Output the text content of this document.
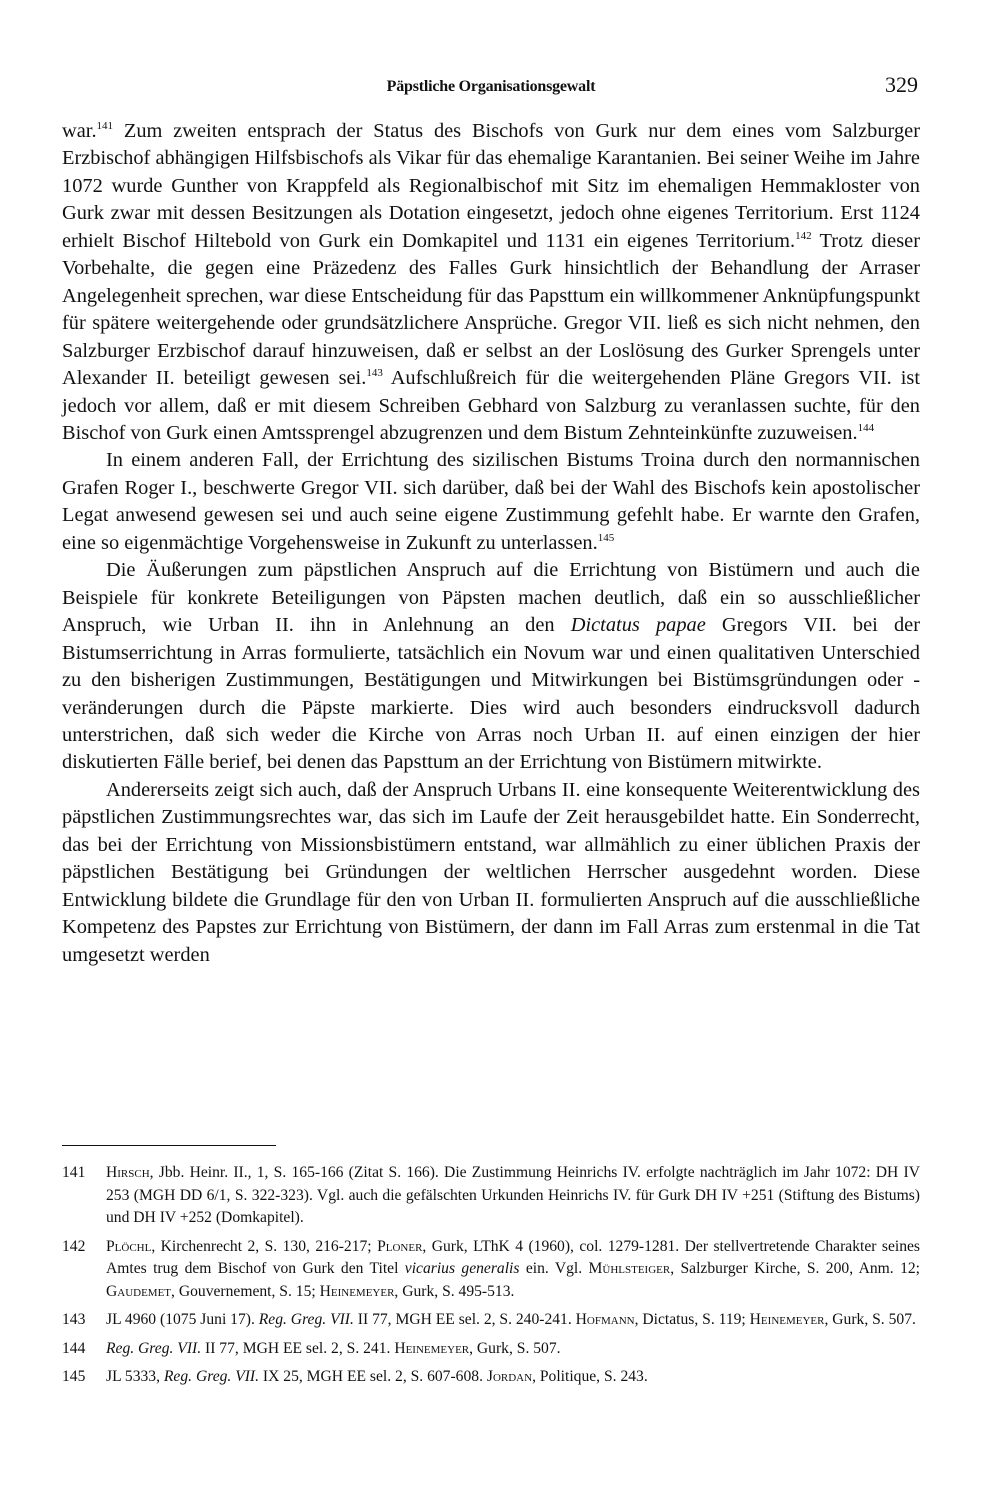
Päpstliche Organisationsgewalt	329

war.$^{141}$ Zum zweiten entsprach der Status des Bischofs von Gurk nur dem eines vom Salzburger Erzbischof abhängigen Hilfsbischofs als Vikar für das ehemalige Karantanien. Bei seiner Weihe im Jahre 1072 wurde Gunther von Krappfeld als Regionalbischof mit Sitz im ehemaligen Hemmakloster von Gurk zwar mit dessen Besitzungen als Dotation eingesetzt, jedoch ohne eigenes Territorium. Erst 1124 erhielt Bischof Hiltebold von Gurk ein Domkapitel und 1131 ein eigenes Territorium.$^{142}$ Trotz dieser Vorbehalte, die gegen eine Präzedenz des Falles Gurk hinsichtlich der Behandlung der Arraser Angelegenheit sprechen, war diese Entscheidung für das Papsttum ein willkommener Anknüpfungspunkt für spätere weitergehende oder grundsätzlichere Ansprüche. Gregor VII. ließ es sich nicht nehmen, den Salzburger Erzbischof darauf hinzuweisen, daß er selbst an der Loslösung des Gurker Sprengels unter Alexander II. beteiligt gewesen sei.$^{143}$ Aufschlußreich für die weitergehenden Pläne Gregors VII. ist jedoch vor allem, daß er mit diesem Schreiben Gebhard von Salzburg zu veranlassen suchte, für den Bischof von Gurk einen Amtssprengel abzugrenzen und dem Bistum Zehnteinkünfte zuzuweisen.$^{144}$

In einem anderen Fall, der Errichtung des sizilischen Bistums Troina durch den normannischen Grafen Roger I., beschwerte Gregor VII. sich darüber, daß bei der Wahl des Bischofs kein apostolischer Legat anwesend gewesen sei und auch seine eigene Zustimmung gefehlt habe. Er warnte den Grafen, eine so eigenmächtige Vorgehensweise in Zukunft zu unterlassen.$^{145}$

Die Äußerungen zum päpstlichen Anspruch auf die Errichtung von Bistümern und auch die Beispiele für konkrete Beteiligungen von Päpsten machen deutlich, daß ein so ausschließlicher Anspruch, wie Urban II. ihn in Anlehnung an den Dictatus papae Gregors VII. bei der Bistumserrichtung in Arras formulierte, tatsächlich ein Novum war und einen qualitativen Unterschied zu den bisherigen Zustimmungen, Bestätigungen und Mitwirkungen bei Bistümsgründungen oder -veränderungen durch die Päpste markierte. Dies wird auch besonders eindrucksvoll dadurch unterstrichen, daß sich weder die Kirche von Arras noch Urban II. auf einen einzigen der hier diskutierten Fälle berief, bei denen das Papsttum an der Errichtung von Bistümern mitwirkte.

Andererseits zeigt sich auch, daß der Anspruch Urbans II. eine konsequente Weiterentwicklung des päpstlichen Zustimmungsrechtes war, das sich im Laufe der Zeit herausgebildet hatte. Ein Sonderrecht, das bei der Errichtung von Missionsbistümern entstand, war allmählich zu einer üblichen Praxis der päpstlichen Bestätigung bei Gründungen der weltlichen Herrscher ausgedehnt worden. Diese Entwicklung bildete die Grundlage für den von Urban II. formulierten Anspruch auf die ausschließliche Kompetenz des Papstes zur Errichtung von Bistümern, der dann im Fall Arras zum erstenmal in die Tat umgesetzt werden

141 Hirsch, Jbb. Heinr. II., 1, S. 165-166 (Zitat S. 166). Die Zustimmung Heinrichs IV. erfolgte nachträglich im Jahr 1072: DH IV 253 (MGH DD 6/1, S. 322-323). Vgl. auch die gefälschten Urkunden Heinrichs IV. für Gurk DH IV +251 (Stiftung des Bistums) und DH IV +252 (Domkapitel).
142 Plöchl, Kirchenrecht 2, S. 130, 216-217; Ploner, Gurk, LThK 4 (1960), col. 1279-1281. Der stellvertretende Charakter seines Amtes trug dem Bischof von Gurk den Titel vicarius generalis ein. Vgl. Mühlsteiger, Salzburger Kirche, S. 200, Anm. 12; Gaudemet, Gouvernement, S. 15; Heinemeyer, Gurk, S. 495-513.
143 JL 4960 (1075 Juni 17). Reg. Greg. VII. II 77, MGH EE sel. 2, S. 240-241. Hofmann, Dictatus, S. 119; Heinemeyer, Gurk, S. 507.
144 Reg. Greg. VII. II 77, MGH EE sel. 2, S. 241. Heinemeyer, Gurk, S. 507.
145 JL 5333, Reg. Greg. VII. IX 25, MGH EE sel. 2, S. 607-608. Jordan, Politique, S. 243.
